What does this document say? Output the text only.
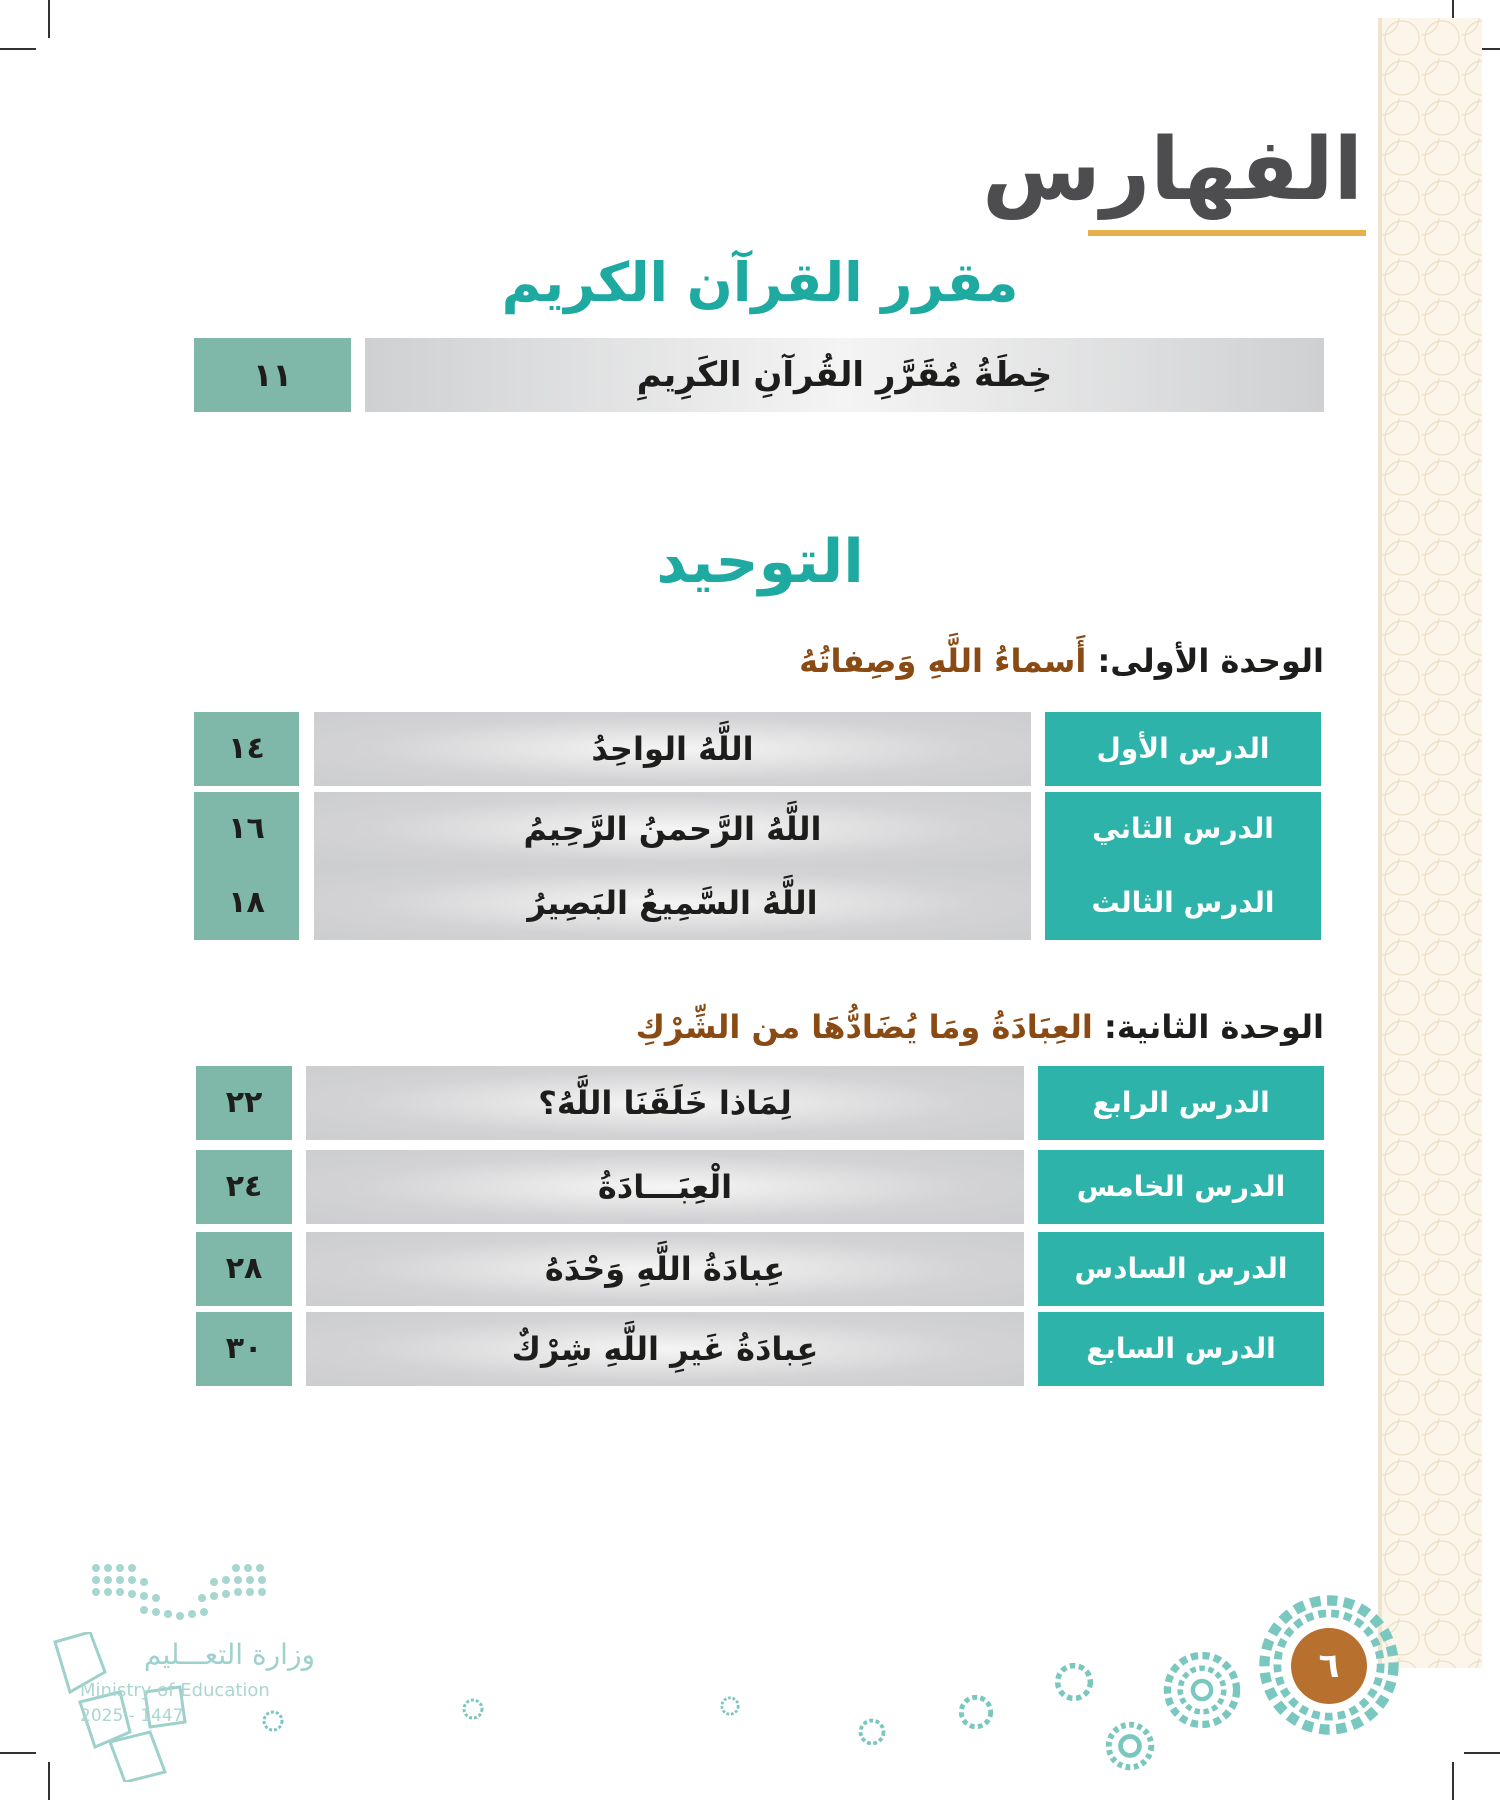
الفهارس
مقرر القرآن الكريم
١١	خِطَةُ مُقَرَّرِ القُرآنِ الكَرِيمِ
التوحيد
الوحدة الأولى: أَسماءُ اللَّهِ وَصِفاتُهُ
١٤	اللَّهُ الواحِدُ	الدرس الأول
١٦	اللَّهُ الرَّحمنُ الرَّحِيمُ	الدرس الثاني
١٨	اللَّهُ السَّمِيعُ البَصِيرُ	الدرس الثالث
الوحدة الثانية: العِبَادَةُ ومَا يُضَادُّهَا من الشِّرْكِ
٢٢	لِمَاذا خَلَقَنَا اللَّهُ؟	الدرس الرابع
٢٤	الْعِبَـــادَةُ	الدرس الخامس
٢٨	عِبادَةُ اللَّهِ وَحْدَهُ	الدرس السادس
٣٠	عِبادَةُ غَيرِ اللَّهِ شِرْكٌ	الدرس السابع
وزارة التعـــليم
Ministry of Education
2025 - 1447
٦
